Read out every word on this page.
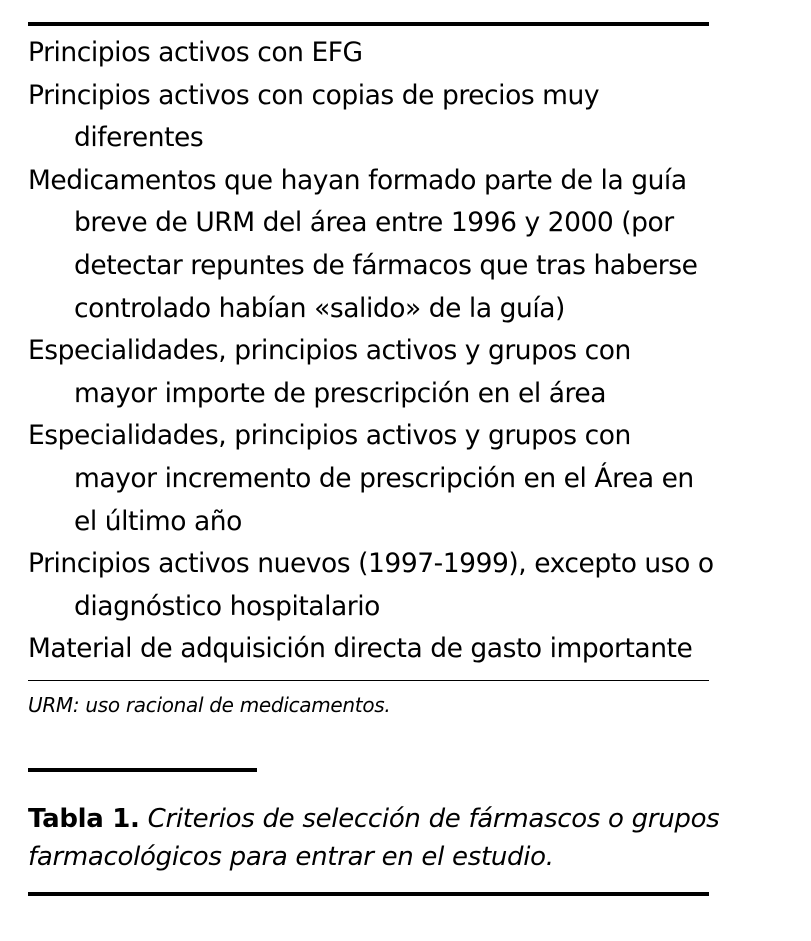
Principios activos con EFG
Principios activos con copias de precios muy diferentes
Medicamentos que hayan formado parte de la guía breve de URM del área entre 1996 y 2000 (por detectar repuntes de fármacos que tras haberse controlado habían «salido» de la guía)
Especialidades, principios activos y grupos con mayor importe de prescripción en el área
Especialidades, principios activos y grupos con mayor incremento de prescripción en el Área en el último año
Principios activos nuevos (1997-1999), excepto uso o diagnóstico hospitalario
Material de adquisición directa de gasto importante
URM: uso racional de medicamentos.
Tabla 1. Criterios de selección de fármascos o grupos farmacológicos para entrar en el estudio.
